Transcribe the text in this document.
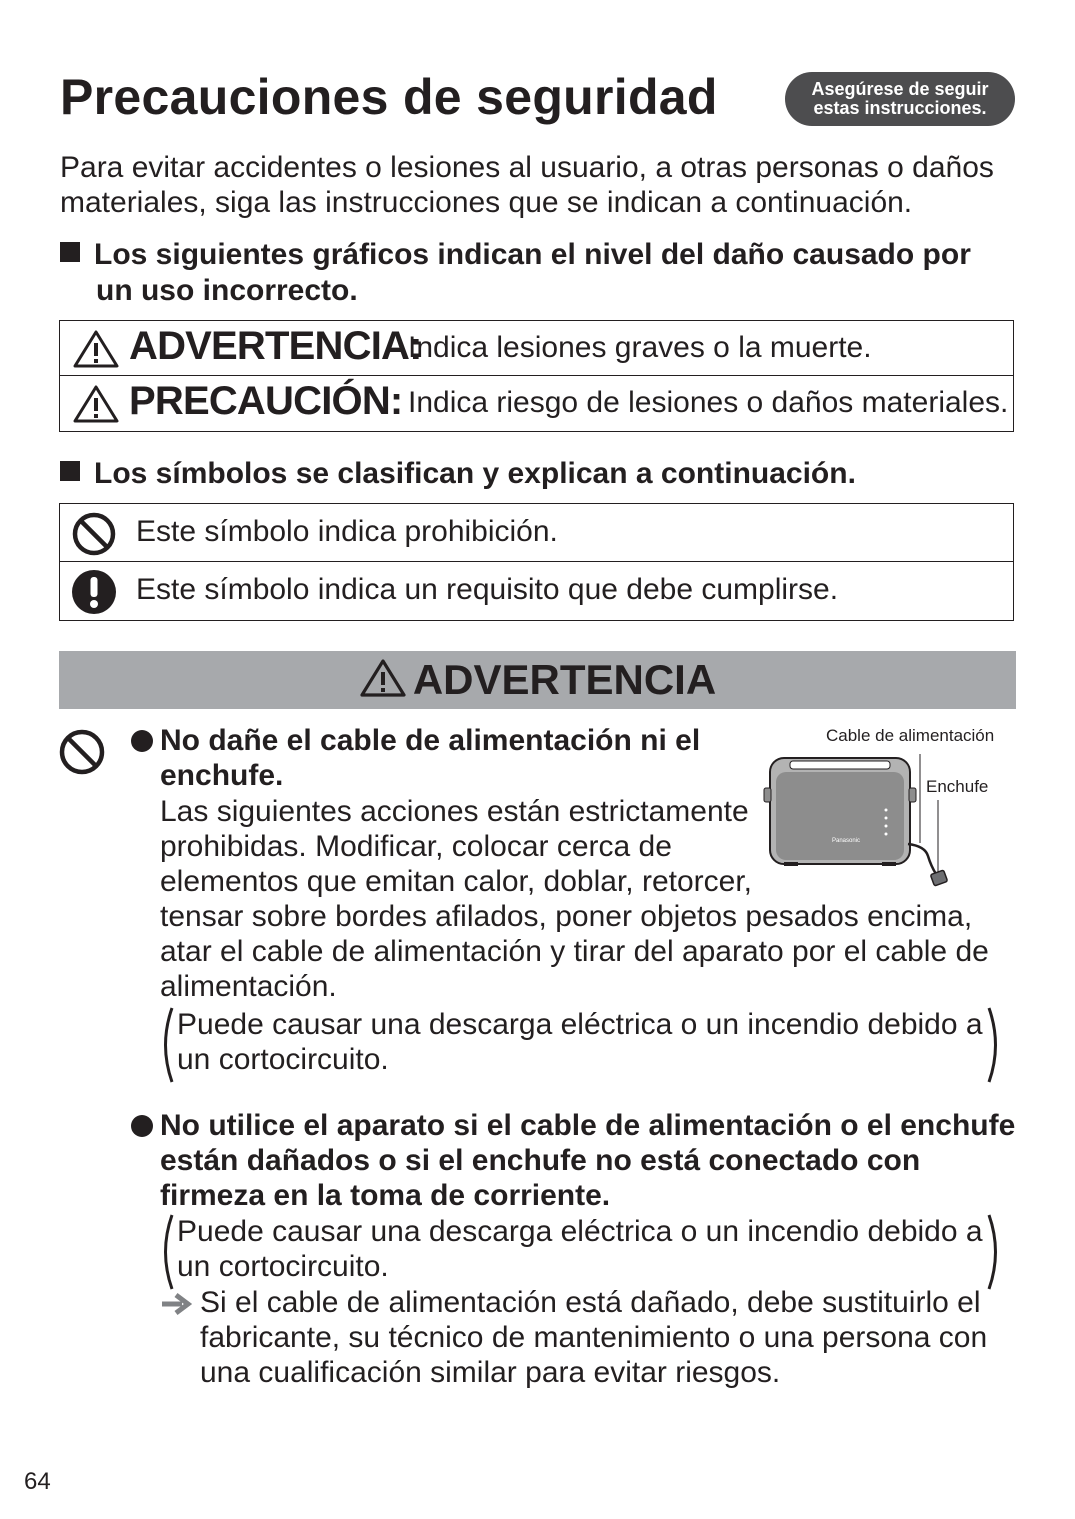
Precauciones de seguridad	Asegúrese de seguir
estas instrucciones.
Para evitar accidentes o lesiones al usuario, a otras personas o daños
materiales, siga las instrucciones que se indican a continuación.
Los siguientes gráficos indican el nivel del daño causado por
un uso incorrecto.
ADVERTENCIA:
Indica lesiones graves o la muerte.
PRECAUCIÓN: Indica riesgo de lesiones o daños materiales.
Los símbolos se clasifican y explican a continuación.
Este símbolo indica prohibición.
Este símbolo indica un requisito que debe cumplirse.
ADVERTENCIA
No dañe el cable de alimentación ni el
enchufe.
Las siguientes acciones están estrictamente
prohibidas. Modificar, colocar cerca de
elementos que emitan calor, doblar, retorcer,
tensar sobre bordes afilados, poner objetos pesados encima,
atar el cable de alimentación y tirar del aparato por el cable de
alimentación.
Puede causar una descarga eléctrica o un incendio debido a
un cortocircuito.
Cable de alimentación
Enchufe
Panasonic
No utilice el aparato si el cable de alimentación o el enchufe
están dañados o si el enchufe no está conectado con
firmeza en la toma de corriente.
Puede causar una descarga eléctrica o un incendio debido a
un cortocircuito.
Si el cable de alimentación está dañado, debe sustituirlo el
fabricante, su técnico de mantenimiento o una persona con
una cualificación similar para evitar riesgos.
64
